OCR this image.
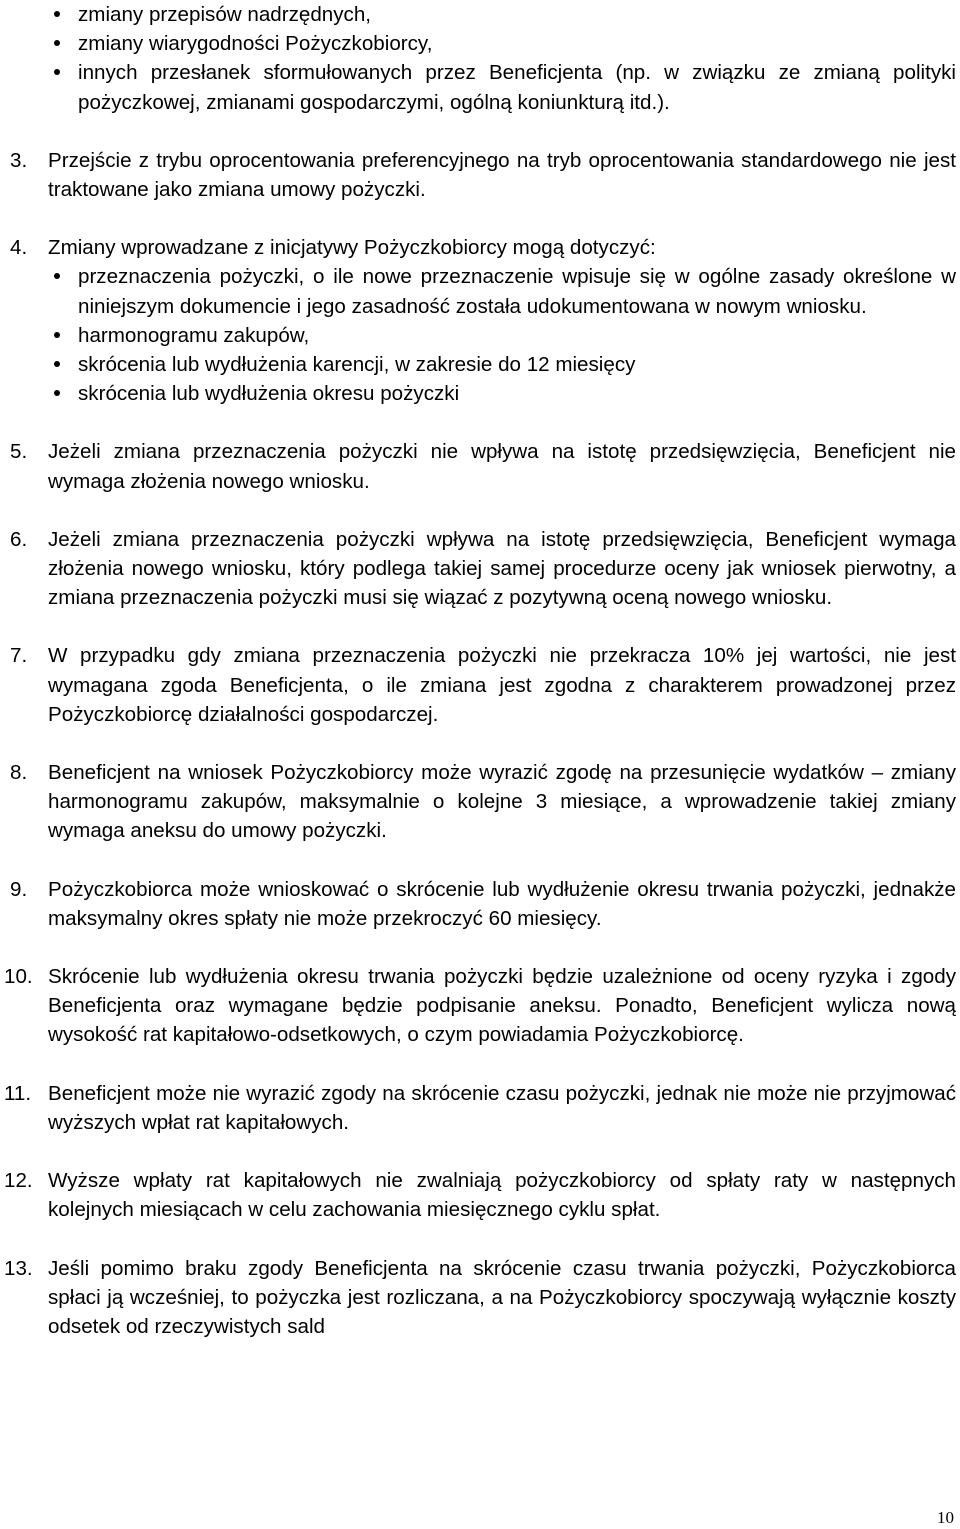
zmiany przepisów nadrzędnych,
zmiany wiarygodności Pożyczkobiorcy,
innych przesłanek sformułowanych przez Beneficjenta (np. w związku ze zmianą polityki pożyczkowej, zmianami gospodarczymi, ogólną koniunkturą itd.).
3. Przejście z trybu oprocentowania preferencyjnego na tryb oprocentowania standardowego nie jest traktowane jako zmiana umowy pożyczki.
4. Zmiany wprowadzane z inicjatywy Pożyczkobiorcy mogą dotyczyć:
przeznaczenia pożyczki, o ile nowe przeznaczenie wpisuje się w ogólne zasady określone w niniejszym dokumencie i jego zasadność została udokumentowana w nowym wniosku.
harmonogramu zakupów,
skrócenia lub wydłużenia karencji, w zakresie do 12 miesięcy
skrócenia lub wydłużenia okresu pożyczki
5. Jeżeli zmiana przeznaczenia pożyczki nie wpływa na istotę przedsięwzięcia, Beneficjent nie wymaga złożenia nowego wniosku.
6. Jeżeli zmiana przeznaczenia pożyczki wpływa na istotę przedsięwzięcia, Beneficjent wymaga złożenia nowego wniosku, który podlega takiej samej procedurze oceny jak wniosek pierwotny, a zmiana przeznaczenia pożyczki musi się wiązać z pozytywną oceną nowego wniosku.
7. W przypadku gdy zmiana przeznaczenia pożyczki nie przekracza 10% jej wartości, nie jest wymagana zgoda Beneficjenta, o ile zmiana jest zgodna z charakterem prowadzonej przez Pożyczkobiorcę działalności gospodarczej.
8. Beneficjent na wniosek Pożyczkobiorcy może wyrazić zgodę na przesunięcie wydatków – zmiany harmonogramu zakupów, maksymalnie o kolejne 3 miesiące, a wprowadzenie takiej zmiany wymaga aneksu do umowy pożyczki.
9. Pożyczkobiorca może wnioskować o skrócenie lub wydłużenie okresu trwania pożyczki, jednakże maksymalny okres spłaty nie może przekroczyć 60 miesięcy.
10. Skrócenie lub wydłużenia okresu trwania pożyczki będzie uzależnione od oceny ryzyka i zgody Beneficjenta oraz wymagane będzie podpisanie aneksu. Ponadto, Beneficjent wylicza nową wysokość rat kapitałowo-odsetkowych, o czym powiadamia Pożyczkobiorcę.
11. Beneficjent może nie wyrazić zgody na skrócenie czasu pożyczki, jednak nie może nie przyjmować wyższych wpłat rat kapitałowych.
12. Wyższe wpłaty rat kapitałowych nie zwalniają pożyczkobiorcy od spłaty raty w następnych kolejnych miesiącach w celu zachowania miesięcznego cyklu spłat.
13. Jeśli pomimo braku zgody Beneficjenta na skrócenie czasu trwania pożyczki, Pożyczkobiorca spłaci ją wcześniej, to pożyczka jest rozliczana, a na Pożyczkobiorcy spoczywają wyłącznie koszty odsetek od rzeczywistych sald
10
